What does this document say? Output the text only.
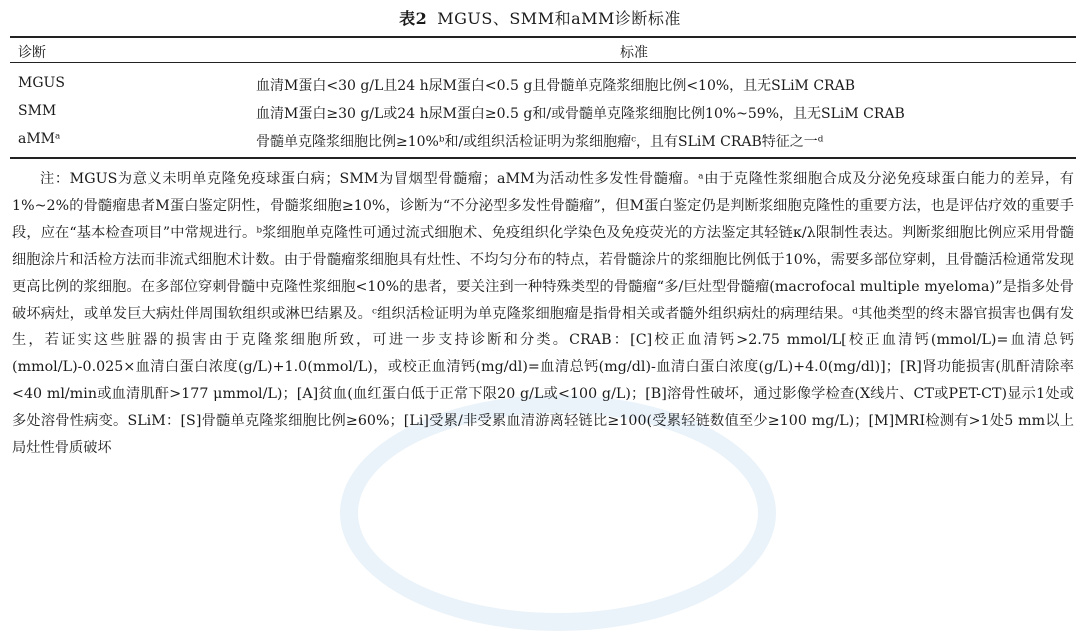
表2 MGUS、SMM和aMM诊断标准
诊断	标准
MGUS	血清M蛋白<30 g/L且24 h尿M蛋白<0.5 g且骨髓单克隆浆细胞比例<10%，且无SLiM CRAB
SMM	血清M蛋白≥30 g/L或24 h尿M蛋白≥0.5 g和/或骨髓单克隆浆细胞比例10%~59%，且无SLiM CRAB
aMMᵃ	骨髓单克隆浆细胞比例≥10%ᵇ和/或组织活检证明为浆细胞瘤ᶜ，且有SLiM CRAB特征之一ᵈ
注：MGUS为意义未明单克隆免疫球蛋白病；SMM为冒烟型骨髓瘤；aMM为活动性多发性骨髓瘤。ᵃ由于克隆性浆细胞合成及分泌免疫球蛋白能力的差异，有1%~2%的骨髓瘤患者M蛋白鉴定阴性，骨髓浆细胞≥10%，诊断为“不分泌型多发性骨髓瘤”，但M蛋白鉴定仍是判断浆细胞克隆性的重要方法，也是评估疗效的重要手段，应在“基本检查项目”中常规进行。ᵇ浆细胞单克隆性可通过流式细胞术、免疫组织化学染色及免疫荧光的方法鉴定其轻链κ/λ限制性表达。判断浆细胞比例应采用骨髓细胞涂片和活检方法而非流式细胞术计数。由于骨髓瘤浆细胞具有灶性、不均匀分布的特点，若骨髓涂片的浆细胞比例低于10%，需要多部位穿刺，且骨髓活检通常发现更高比例的浆细胞。在多部位穿刺骨髓中克隆性浆细胞<10%的患者，要关注到一种特殊类型的骨髓瘤“多/巨灶型骨髓瘤(macrofocal multiple myeloma)”是指多处骨破坏病灶，或单发巨大病灶伴周围软组织或淋巴结累及。ᶜ组织活检证明为单克隆浆细胞瘤是指骨相关或者髓外组织病灶的病理结果。ᵈ其他类型的终末器官损害也偶有发生，若证实这些脏器的损害由于克隆浆细胞所致，可进一步支持诊断和分类。CRAB：[C]校正血清钙>2.75 mmol/L[校正血清钙(mmol/L)=血清总钙(mmol/L)-0.025×血清白蛋白浓度(g/L)+1.0(mmol/L)，或校正血清钙(mg/dl)=血清总钙(mg/dl)-血清白蛋白浓度(g/L)+4.0(mg/dl)]；[R]肾功能损害(肌酐清除率<40 ml/min或血清肌酐>177 μmmol/L)；[A]贫血(血红蛋白低于正常下限20 g/L或<100 g/L)；[B]溶骨性破坏，通过影像学检查(X线片、CT或PET-CT)显示1处或多处溶骨性病变。SLiM：[S]骨髓单克隆浆细胞比例≥60%；[Li]受累/非受累血清游离轻链比≥100(受累轻链数值至少≥100 mg/L)；[M]MRI检测有>1处5 mm以上局灶性骨质破坏
